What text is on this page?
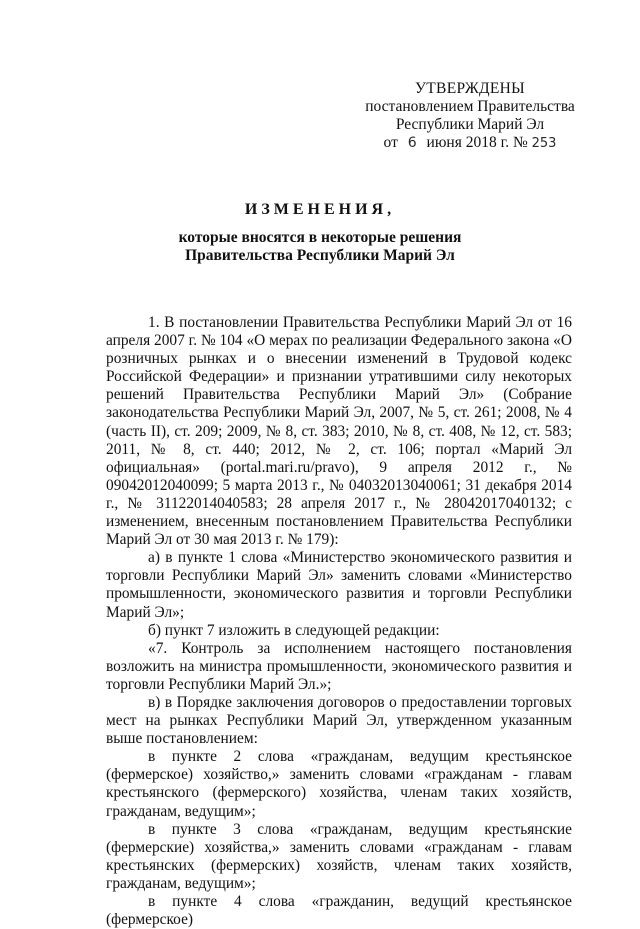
УТВЕРЖДЕНЫ
постановлением Правительства
Республики Марий Эл
от 6 июня 2018 г. № 253
ИЗМЕНЕНИЯ,
которые вносятся в некоторые решения
Правительства Республики Марий Эл

1. В постановлении Правительства Республики Марий Эл от 16 апреля 2007 г. № 104 «О мерах по реализации Федерального закона «О розничных рынках и о внесении изменений в Трудовой кодекс Российской Федерации» и признании утратившими силу некоторых решений Правительства Республики Марий Эл» (Собрание законодательства Республики Марий Эл, 2007, № 5, ст. 261; 2008, № 4 (часть II), ст. 209; 2009, № 8, ст. 383; 2010, № 8, ст. 408, № 12, ст. 583; 2011, № 8, ст. 440; 2012, № 2, ст. 106; портал «Марий Эл официальная» (portal.mari.ru/pravo), 9 апреля 2012 г., № 09042012040099; 5 марта 2013 г., № 04032013040061; 31 декабря 2014 г., № 31122014040583; 28 апреля 2017 г., № 28042017040132; с изменением, внесенным постановлением Правительства Республики Марий Эл от 30 мая 2013 г. № 179):

а) в пункте 1 слова «Министерство экономического развития и торговли Республики Марий Эл» заменить словами «Министерство промышленности, экономического развития и торговли Республики Марий Эл»;

б) пункт 7 изложить в следующей редакции:

«7. Контроль за исполнением настоящего постановления возложить на министра промышленности, экономического развития и торговли Республики Марий Эл.»;

в) в Порядке заключения договоров о предоставлении торговых мест на рынках Республики Марий Эл, утвержденном указанным выше постановлением:

в пункте 2 слова «гражданам, ведущим крестьянское (фермерское) хозяйство,» заменить словами «гражданам - главам крестьянского (фермерского) хозяйства, членам таких хозяйств, гражданам, ведущим»;

в пункте 3 слова «гражданам, ведущим крестьянские (фермерские) хозяйства,» заменить словами «гражданам - главам крестьянских (фермерских) хозяйств, членам таких хозяйств, гражданам, ведущим»;

в пункте 4 слова «гражданин, ведущий крестьянское (фермерское)
